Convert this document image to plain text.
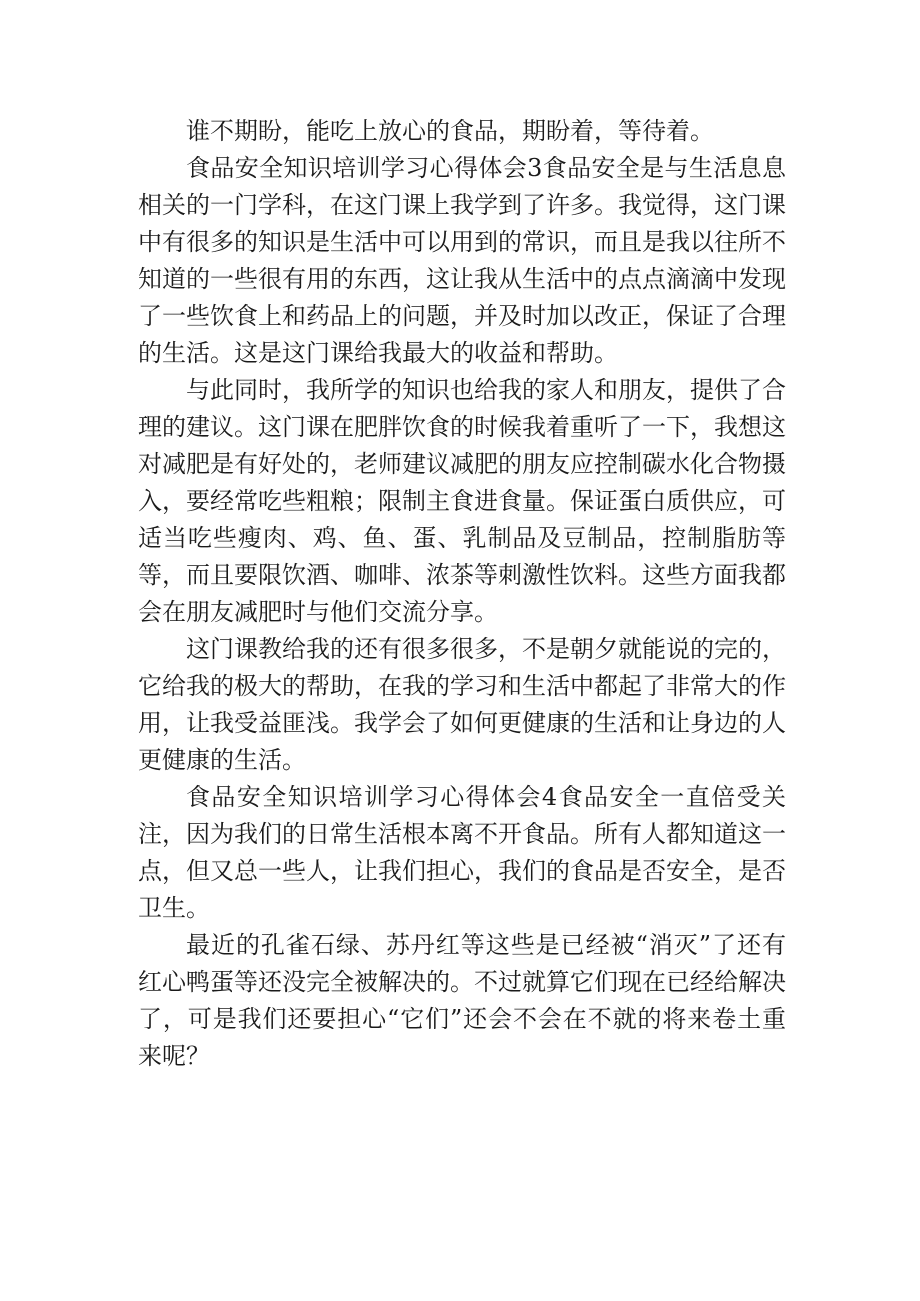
谁不期盼，能吃上放心的食品，期盼着，等待着。

食品安全知识培训学习心得体会3食品安全是与生活息息相关的一门学科，在这门课上我学到了许多。我觉得，这门课中有很多的知识是生活中可以用到的常识，而且是我以往所不知道的一些很有用的东西，这让我从生活中的点点滴滴中发现了一些饮食上和药品上的问题，并及时加以改正，保证了合理的生活。这是这门课给我最大的收益和帮助。

与此同时，我所学的知识也给我的家人和朋友，提供了合理的建议。这门课在肥胖饮食的时候我着重听了一下，我想这对减肥是有好处的，老师建议减肥的朋友应控制碳水化合物摄入，要经常吃些粗粮；限制主食进食量。保证蛋白质供应，可适当吃些瘦肉、鸡、鱼、蛋、乳制品及豆制品，控制脂肪等等，而且要限饮酒、咖啡、浓茶等刺激性饮料。这些方面我都会在朋友减肥时与他们交流分享。

这门课教给我的还有很多很多，不是朝夕就能说的完的，它给我的极大的帮助，在我的学习和生活中都起了非常大的作用，让我受益匪浅。我学会了如何更健康的生活和让身边的人更健康的生活。

食品安全知识培训学习心得体会4食品安全一直倍受关注，因为我们的日常生活根本离不开食品。所有人都知道这一点，但又总一些人，让我们担心，我们的食品是否安全，是否卫生。

最近的孔雀石绿、苏丹红等这些是已经被“消灭”了还有红心鸭蛋等还没完全被解决的。不过就算它们现在已经给解决了，可是我们还要担心“它们”还会不会在不就的将来卷土重来呢？
